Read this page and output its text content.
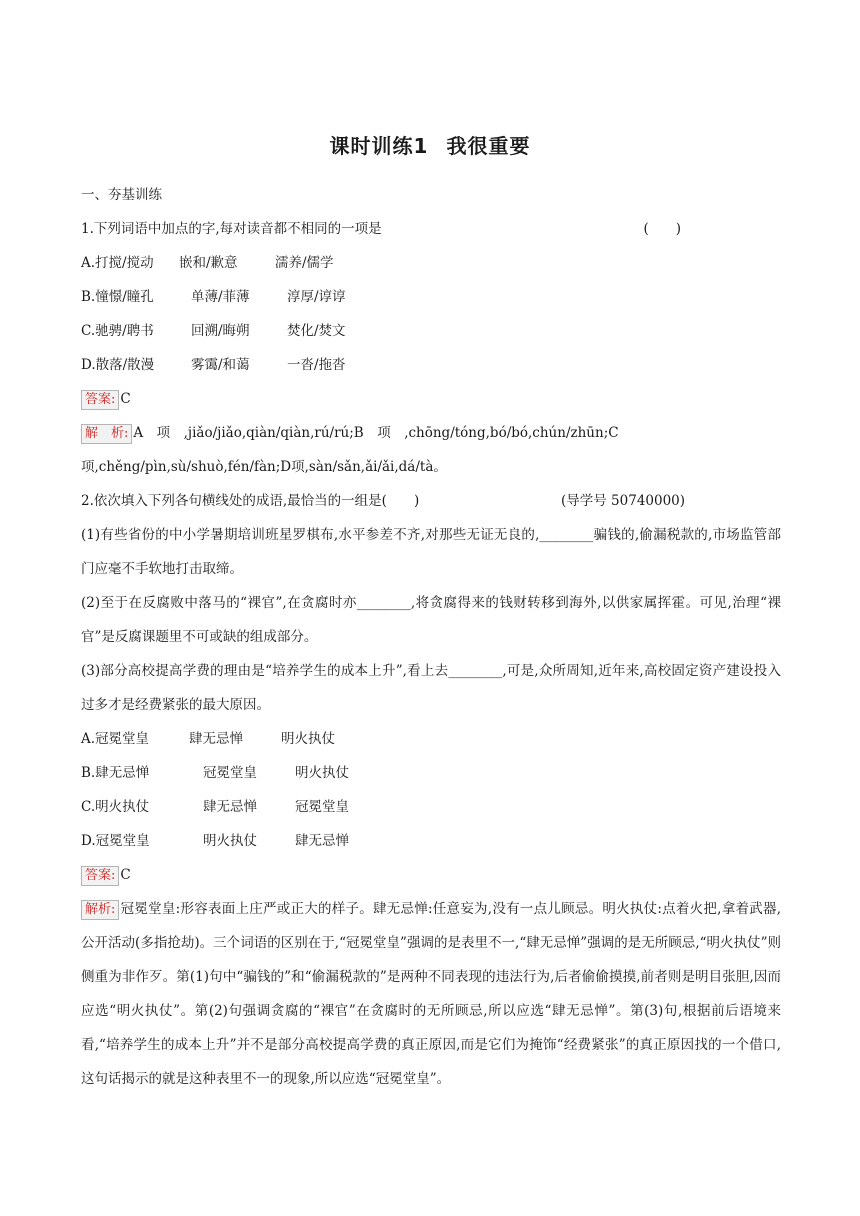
课时训练1 我很重要
一、夯基训练
1.下列词语中加点的字,每对读音都不相同的一项是	(　　)
A.打搅/搅动 嵌和/歉意	濡养/儒学
B.憧憬/瞳孔	单薄/菲薄	淳厚/谆谆
C.驰骋/聘书	回溯/晦朔	焚化/焚文
D.散落/散漫	雾霭/和蔼	一沓/拖沓
答案: C
解　析: A　项　,jiǎo/jiǎo,qiàn/qiàn,rú/rú;B　项　,chōng/tóng,bó/bó,chún/zhūn;C
项,chěng/pìn,sù/shuò,fén/fàn;D项,sàn/sǎn,ǎi/ǎi,dá/tà。
2.依次填入下列各句横线处的成语,最恰当的一组是(　　)	(导学号 50740000)
(1)有些省份的中小学暑期培训班星罗棋布,水平参差不齐,对那些无证无良的,________骗钱的,偷漏税款的,市场监管部门应毫不手软地打击取缔。
(2)至于在反腐败中落马的“裸官”,在贪腐时亦________,将贪腐得来的钱财转移到海外,以供家属挥霍。可见,治理“裸官”是反腐课题里不可或缺的组成部分。
(3)部分高校提高学费的理由是“培养学生的成本上升”,看上去________,可是,众所周知,近年来,高校固定资产建设投入过多才是经费紧张的最大原因。
A.冠冕堂皇	肆无忌惮	明火执仗
B.肆无忌惮	冠冕堂皇	明火执仗
C.明火执仗	肆无忌惮	冠冕堂皇
D.冠冕堂皇	明火执仗	肆无忌惮
答案: C
解析: 冠冕堂皇:形容表面上庄严或正大的样子。肆无忌惮:任意妄为,没有一点儿顾忌。明火执仗:点着火把,拿着武器,公开活动(多指抢劫)。三个词语的区别在于,“冠冕堂皇”强调的是表里不一,“肆无忌惮”强调的是无所顾忌,“明火执仗”则侧重为非作歹。第(1)句中“骗钱的”和“偷漏税款的”是两种不同表现的违法行为,后者偷偷摸摸,前者则是明目张胆,因而应选“明火执仗”。第(2)句强调贪腐的“裸官”在贪腐时的无所顾忌,所以应选“肆无忌惮”。第(3)句,根据前后语境来看,“培养学生的成本上升”并不是部分高校提高学费的真正原因,而是它们为掩饰“经费紧张”的真正原因找的一个借口,这句话揭示的就是这种表里不一的现象,所以应选“冠冕堂皇”。
